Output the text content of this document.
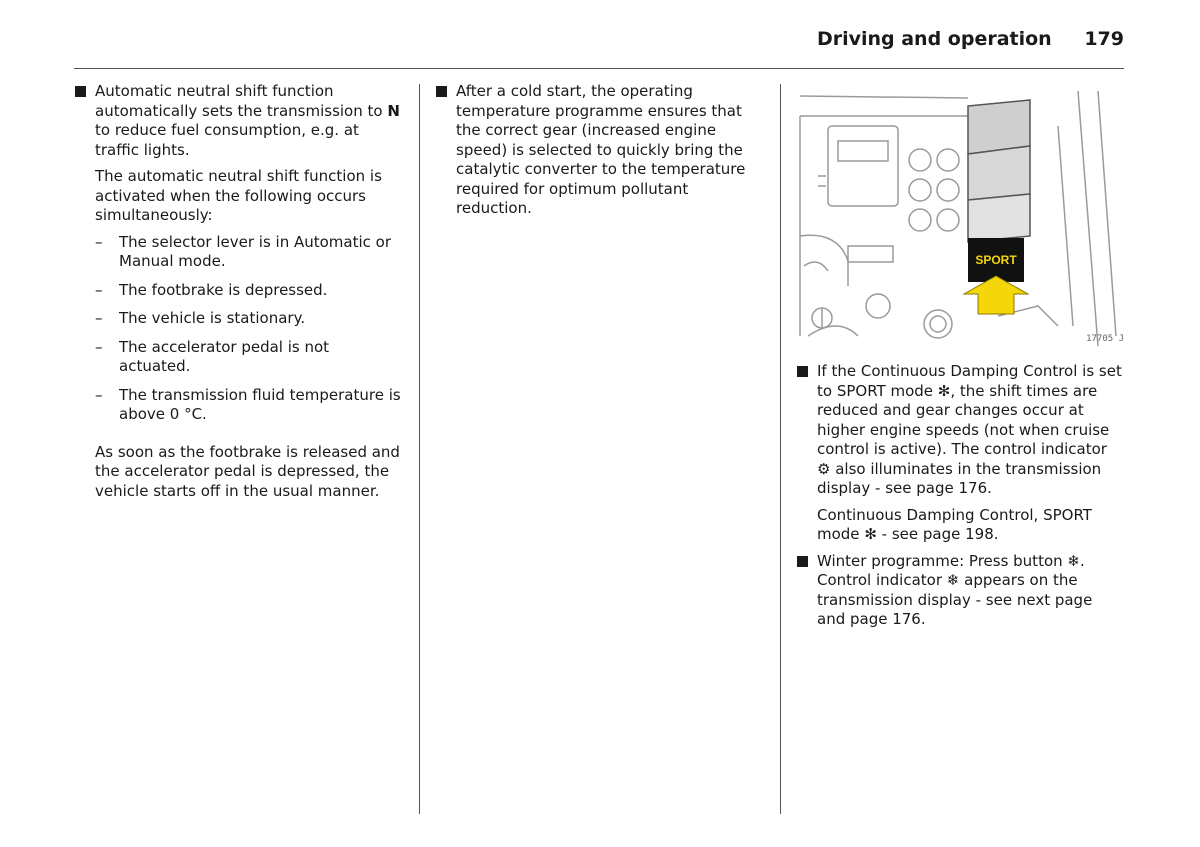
Driving and operation 179

Automatic neutral shift function automatically sets the transmission to N to reduce fuel consumption, e.g. at traffic lights.

The automatic neutral shift function is activated when the following occurs simultaneously:

– The selector lever is in Automatic or Manual mode.

– The footbrake is depressed.

– The vehicle is stationary.

– The accelerator pedal is not actuated.

– The transmission fluid temperature is above 0 °C.

As soon as the footbrake is released and the accelerator pedal is depressed, the vehicle starts off in the usual manner.

After a cold start, the operating temperature programme ensures that the correct gear (increased engine speed) is selected to quickly bring the catalytic converter to the temperature required for optimum pollutant reduction.

SPORT
17705 J

If the Continuous Damping Control is set to SPORT mode ✻, the shift times are reduced and gear changes occur at higher engine speeds (not when cruise control is active). The control indicator ⚙ also illuminates in the transmission display - see page 176.

Continuous Damping Control, SPORT mode ✻ - see page 198.

Winter programme: Press button ❄. Control indicator ❄ appears on the transmission display - see next page and page 176.
